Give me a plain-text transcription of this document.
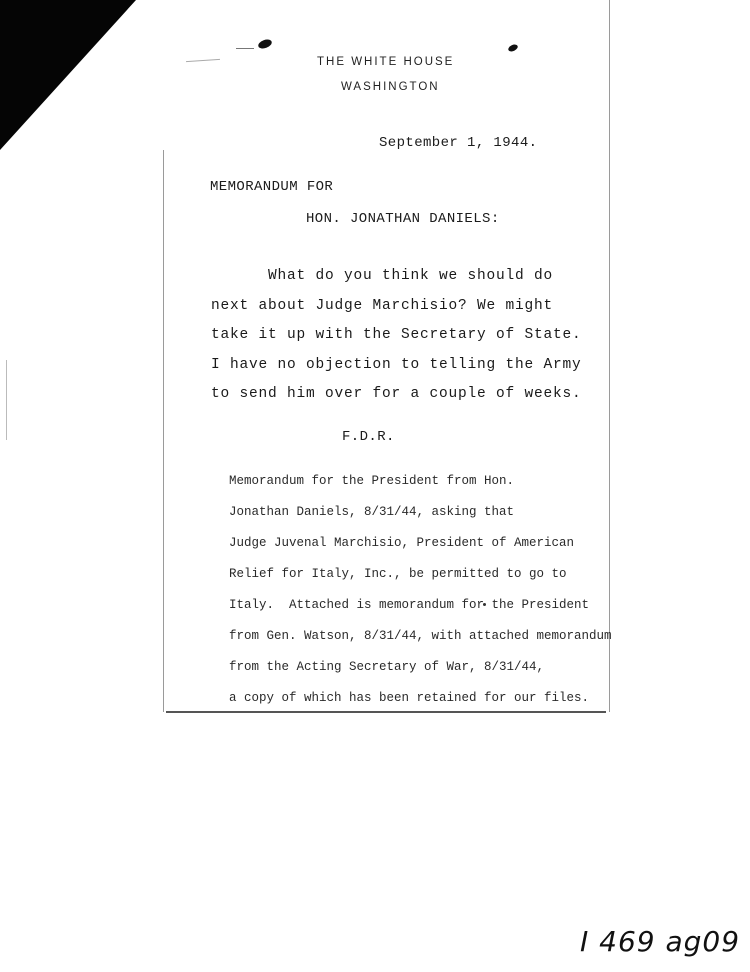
THE WHITE HOUSE
WASHINGTON
September 1, 1944.
MEMORANDUM FOR
HON. JONATHAN DANIELS:
What do you think we should do
next about Judge Marchisio? We might
take it up with the Secretary of State.
I have no objection to telling the Army
to send him over for a couple of weeks.
F.D.R.

Memorandum for the President from Hon.

Jonathan Daniels, 8/31/44, asking that

Judge Juvenal Marchisio, President of American

Relief for Italy, Inc., be permitted to go to

Italy.  Attached is memorandum for the President

from Gen. Watson, 8/31/44, with attached memorandum

from the Acting Secretary of War, 8/31/44,

a copy of which has been retained for our files.

I 469 ag09
